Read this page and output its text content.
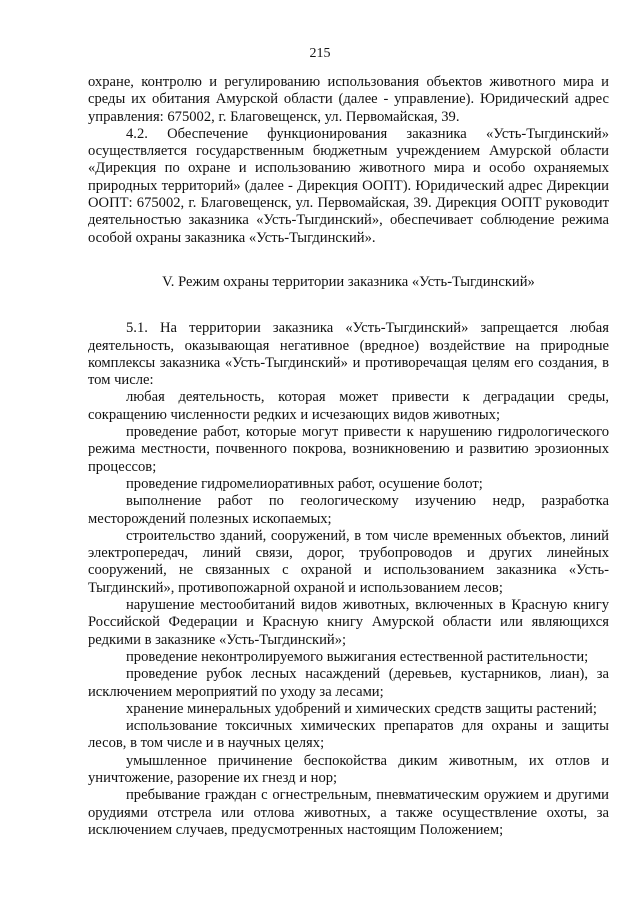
215

охране, контролю и регулированию использования объектов животного мира и среды их обитания Амурской области (далее - управление). Юридический адрес управления: 675002, г. Благовещенск, ул. Первомайская, 39.

4.2. Обеспечение функционирования заказника «Усть-Тыгдинский» осуществляется государственным бюджетным учреждением Амурской области «Дирекция по охране и использованию животного мира и особо охраняемых природных территорий» (далее - Дирекция ООПТ). Юридический адрес Дирекции ООПТ: 675002, г. Благовещенск, ул. Первомайская, 39. Дирекция ООПТ руководит деятельностью заказника «Усть-Тыгдинский», обеспечивает соблюдение режима особой охраны заказника «Усть-Тыгдинский».

V. Режим охраны территории заказника «Усть-Тыгдинский»

5.1. На территории заказника «Усть-Тыгдинский» запрещается любая деятельность, оказывающая негативное (вредное) воздействие на природные комплексы заказника «Усть-Тыгдинский» и противоречащая целям его создания, в том числе:

любая деятельность, которая может привести к деградации среды, сокращению численности редких и исчезающих видов животных;

проведение работ, которые могут привести к нарушению гидрологического режима местности, почвенного покрова, возникновению и развитию эрозионных процессов;

проведение гидромелиоративных работ, осушение болот;

выполнение работ по геологическому изучению недр, разработка месторождений полезных ископаемых;

строительство зданий, сооружений, в том числе временных объектов, линий электропередач, линий связи, дорог, трубопроводов и других линейных сооружений, не связанных с охраной и использованием заказника «Усть-Тыгдинский», противопожарной охраной и использованием лесов;

нарушение местообитаний видов животных, включенных в Красную книгу Российской Федерации и Красную книгу Амурской области или являющихся редкими в заказнике «Усть-Тыгдинский»;

проведение неконтролируемого выжигания естественной растительности;

проведение рубок лесных насаждений (деревьев, кустарников, лиан), за исключением мероприятий по уходу за лесами;

хранение минеральных удобрений и химических средств защиты растений;

использование токсичных химических препаратов для охраны и защиты лесов, в том числе и в научных целях;

умышленное причинение беспокойства диким животным, их отлов и уничтожение, разорение их гнезд и нор;

пребывание граждан с огнестрельным, пневматическим оружием и другими орудиями отстрела или отлова животных, а также осуществление охоты, за исключением случаев, предусмотренных настоящим Положением;
